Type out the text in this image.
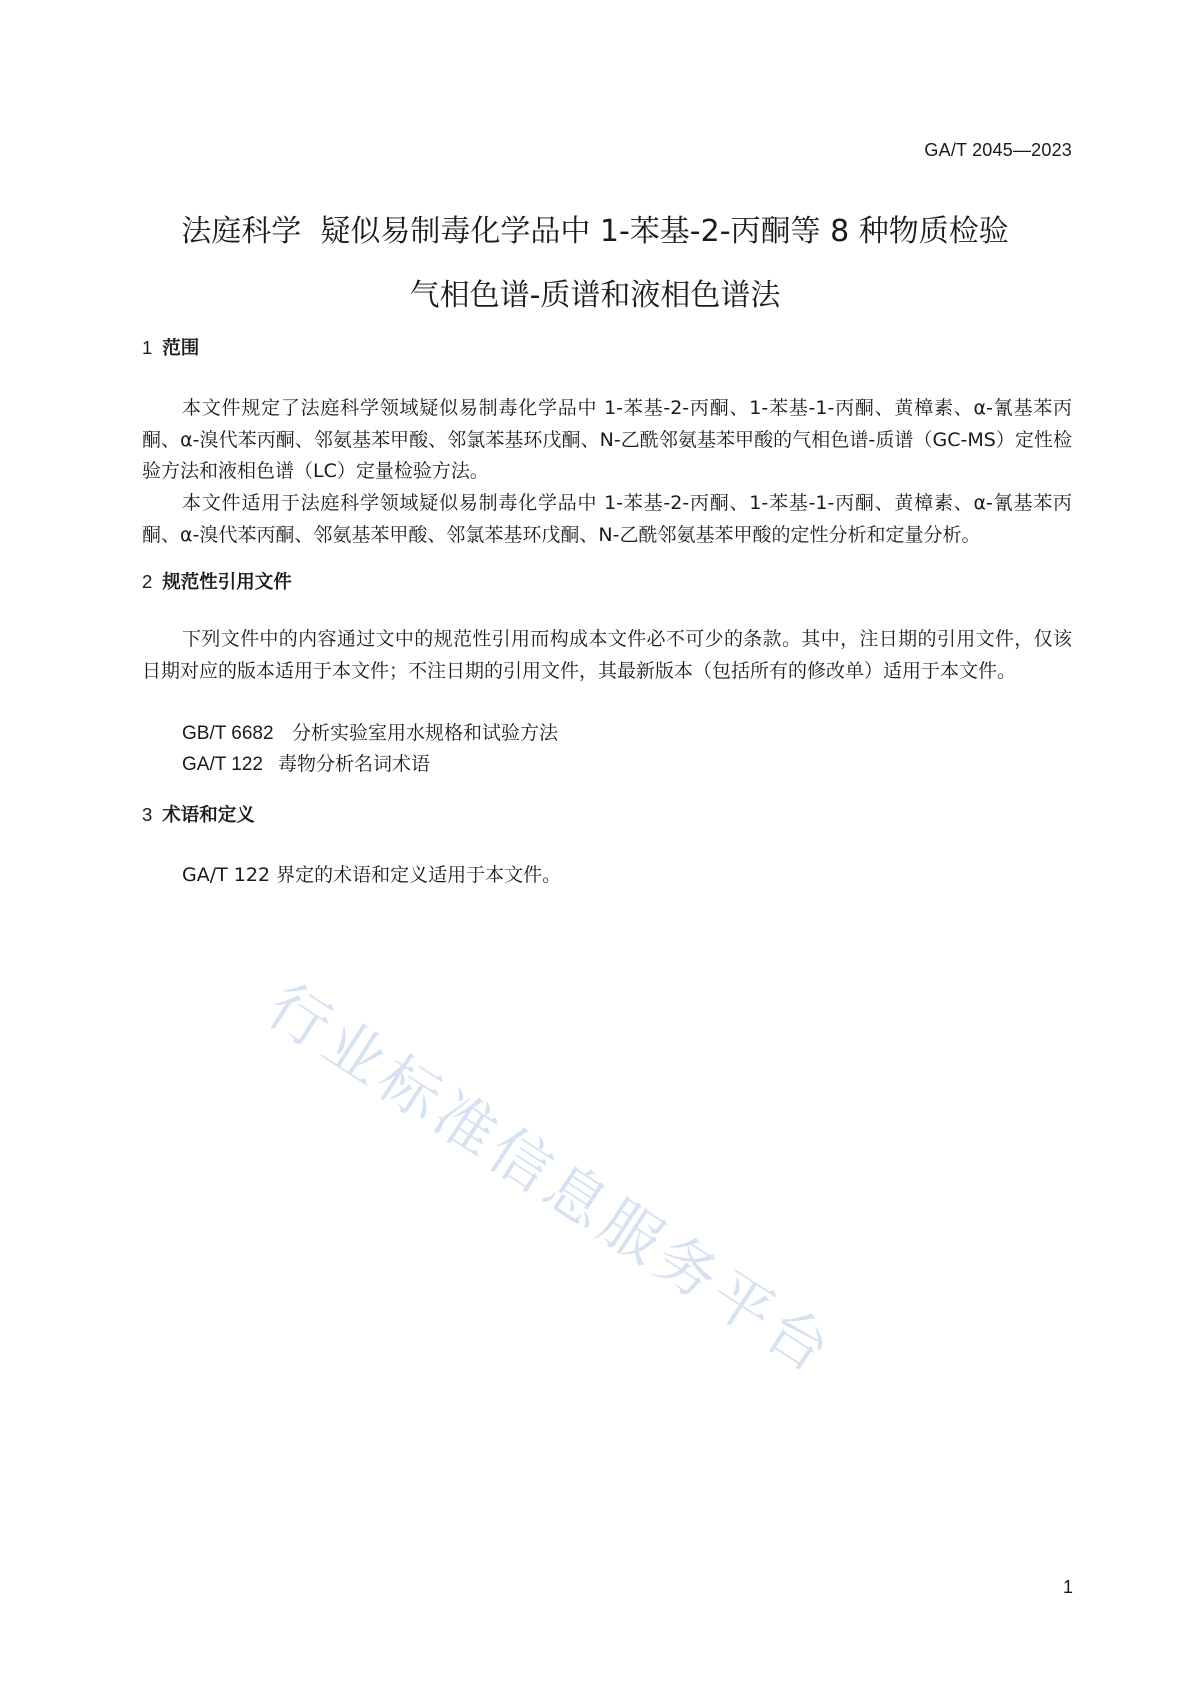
GA/T 2045—2023
法庭科学  疑似易制毒化学品中 1-苯基-2-丙酮等 8 种物质检验
气相色谱-质谱和液相色谱法
1 范围

本文件规定了法庭科学领域疑似易制毒化学品中 1-苯基-2-丙酮、1-苯基-1-丙酮、黄樟素、α-氰基苯丙酮、α-溴代苯丙酮、邻氨基苯甲酸、邻氯苯基环戊酮、N-乙酰邻氨基苯甲酸的气相色谱-质谱（GC-MS）定性检验方法和液相色谱（LC）定量检验方法。

本文件适用于法庭科学领域疑似易制毒化学品中 1-苯基-2-丙酮、1-苯基-1-丙酮、黄樟素、α-氰基苯丙酮、α-溴代苯丙酮、邻氨基苯甲酸、邻氯苯基环戊酮、N-乙酰邻氨基苯甲酸的定性分析和定量分析。

2 规范性引用文件

下列文件中的内容通过文中的规范性引用而构成本文件必不可少的条款。其中，注日期的引用文件，仅该日期对应的版本适用于本文件；不注日期的引用文件，其最新版本（包括所有的修改单）适用于本文件。

GB/T 6682 分析实验室用水规格和试验方法
GA/T 122 毒物分析名词术语
3 术语和定义

GA/T 122 界定的术语和定义适用于本文件。

行业标准信息服务平台
1
